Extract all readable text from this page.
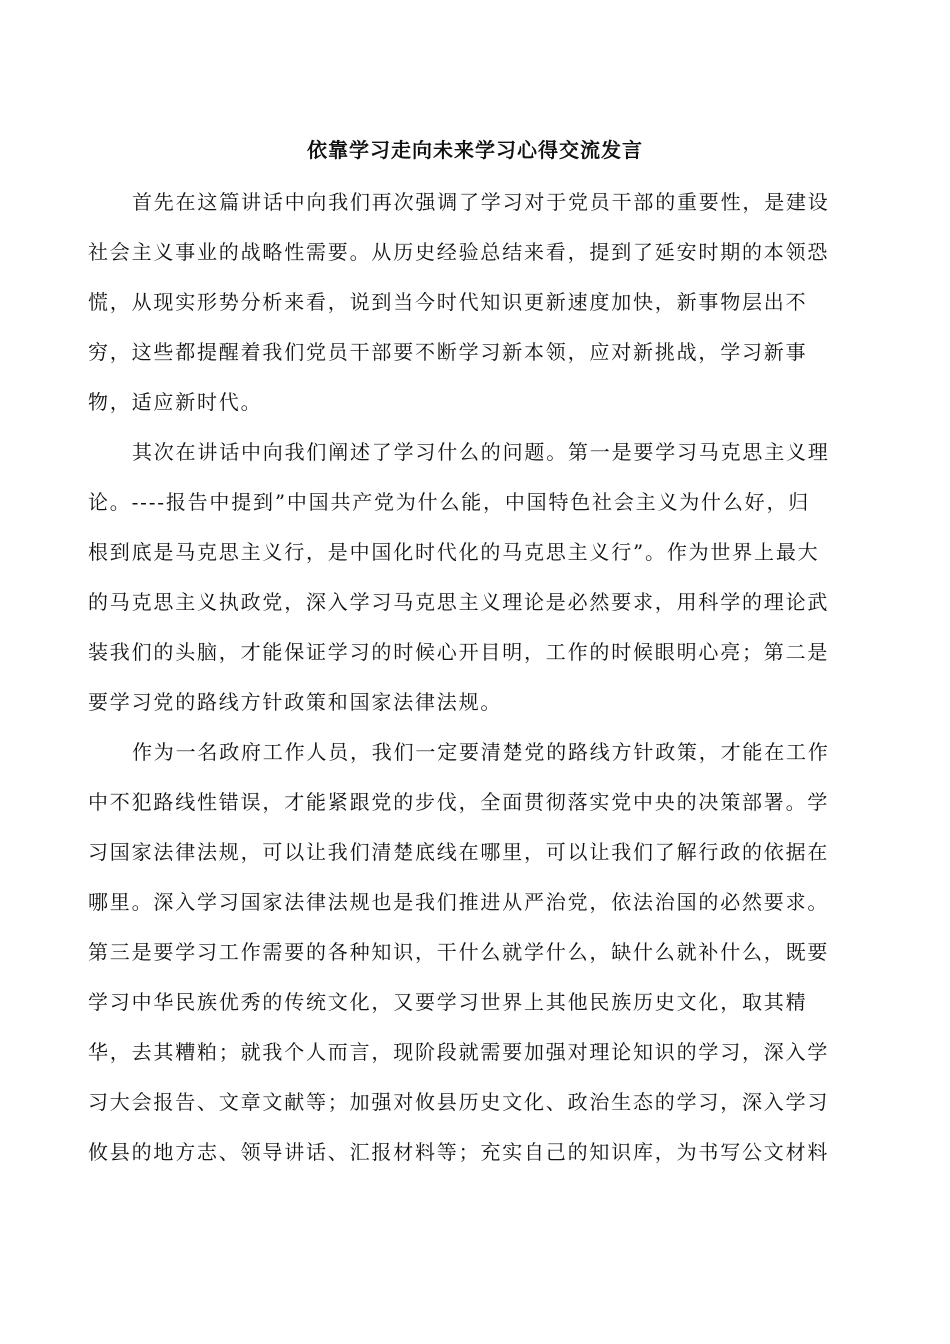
依靠学习走向未来学习心得交流发言
首先在这篇讲话中向我们再次强调了学习对于党员干部的重要性，是建设
社会主义事业的战略性需要。从历史经验总结来看，提到了延安时期的本领恐
慌，从现实形势分析来看，说到当今时代知识更新速度加快，新事物层出不
穷，这些都提醒着我们党员干部要不断学习新本领，应对新挑战，学习新事
物，适应新时代。
其次在讲话中向我们阐述了学习什么的问题。第一是要学习马克思主义理
论。----报告中提到”中国共产党为什么能，中国特色社会主义为什么好，归
根到底是马克思主义行，是中国化时代化的马克思主义行”。作为世界上最大
的马克思主义执政党，深入学习马克思主义理论是必然要求，用科学的理论武
装我们的头脑，才能保证学习的时候心开目明，工作的时候眼明心亮；第二是
要学习党的路线方针政策和国家法律法规。
作为一名政府工作人员，我们一定要清楚党的路线方针政策，才能在工作
中不犯路线性错误，才能紧跟党的步伐，全面贯彻落实党中央的决策部署。学
习国家法律法规，可以让我们清楚底线在哪里，可以让我们了解行政的依据在
哪里。深入学习国家法律法规也是我们推进从严治党，依法治国的必然要求。
第三是要学习工作需要的各种知识，干什么就学什么，缺什么就补什么，既要
学习中华民族优秀的传统文化，又要学习世界上其他民族历史文化，取其精
华，去其糟粕；就我个人而言，现阶段就需要加强对理论知识的学习，深入学
习大会报告、文章文献等；加强对攸县历史文化、政治生态的学习，深入学习
攸县的地方志、领导讲话、汇报材料等；充实自己的知识库，为书写公文材料
